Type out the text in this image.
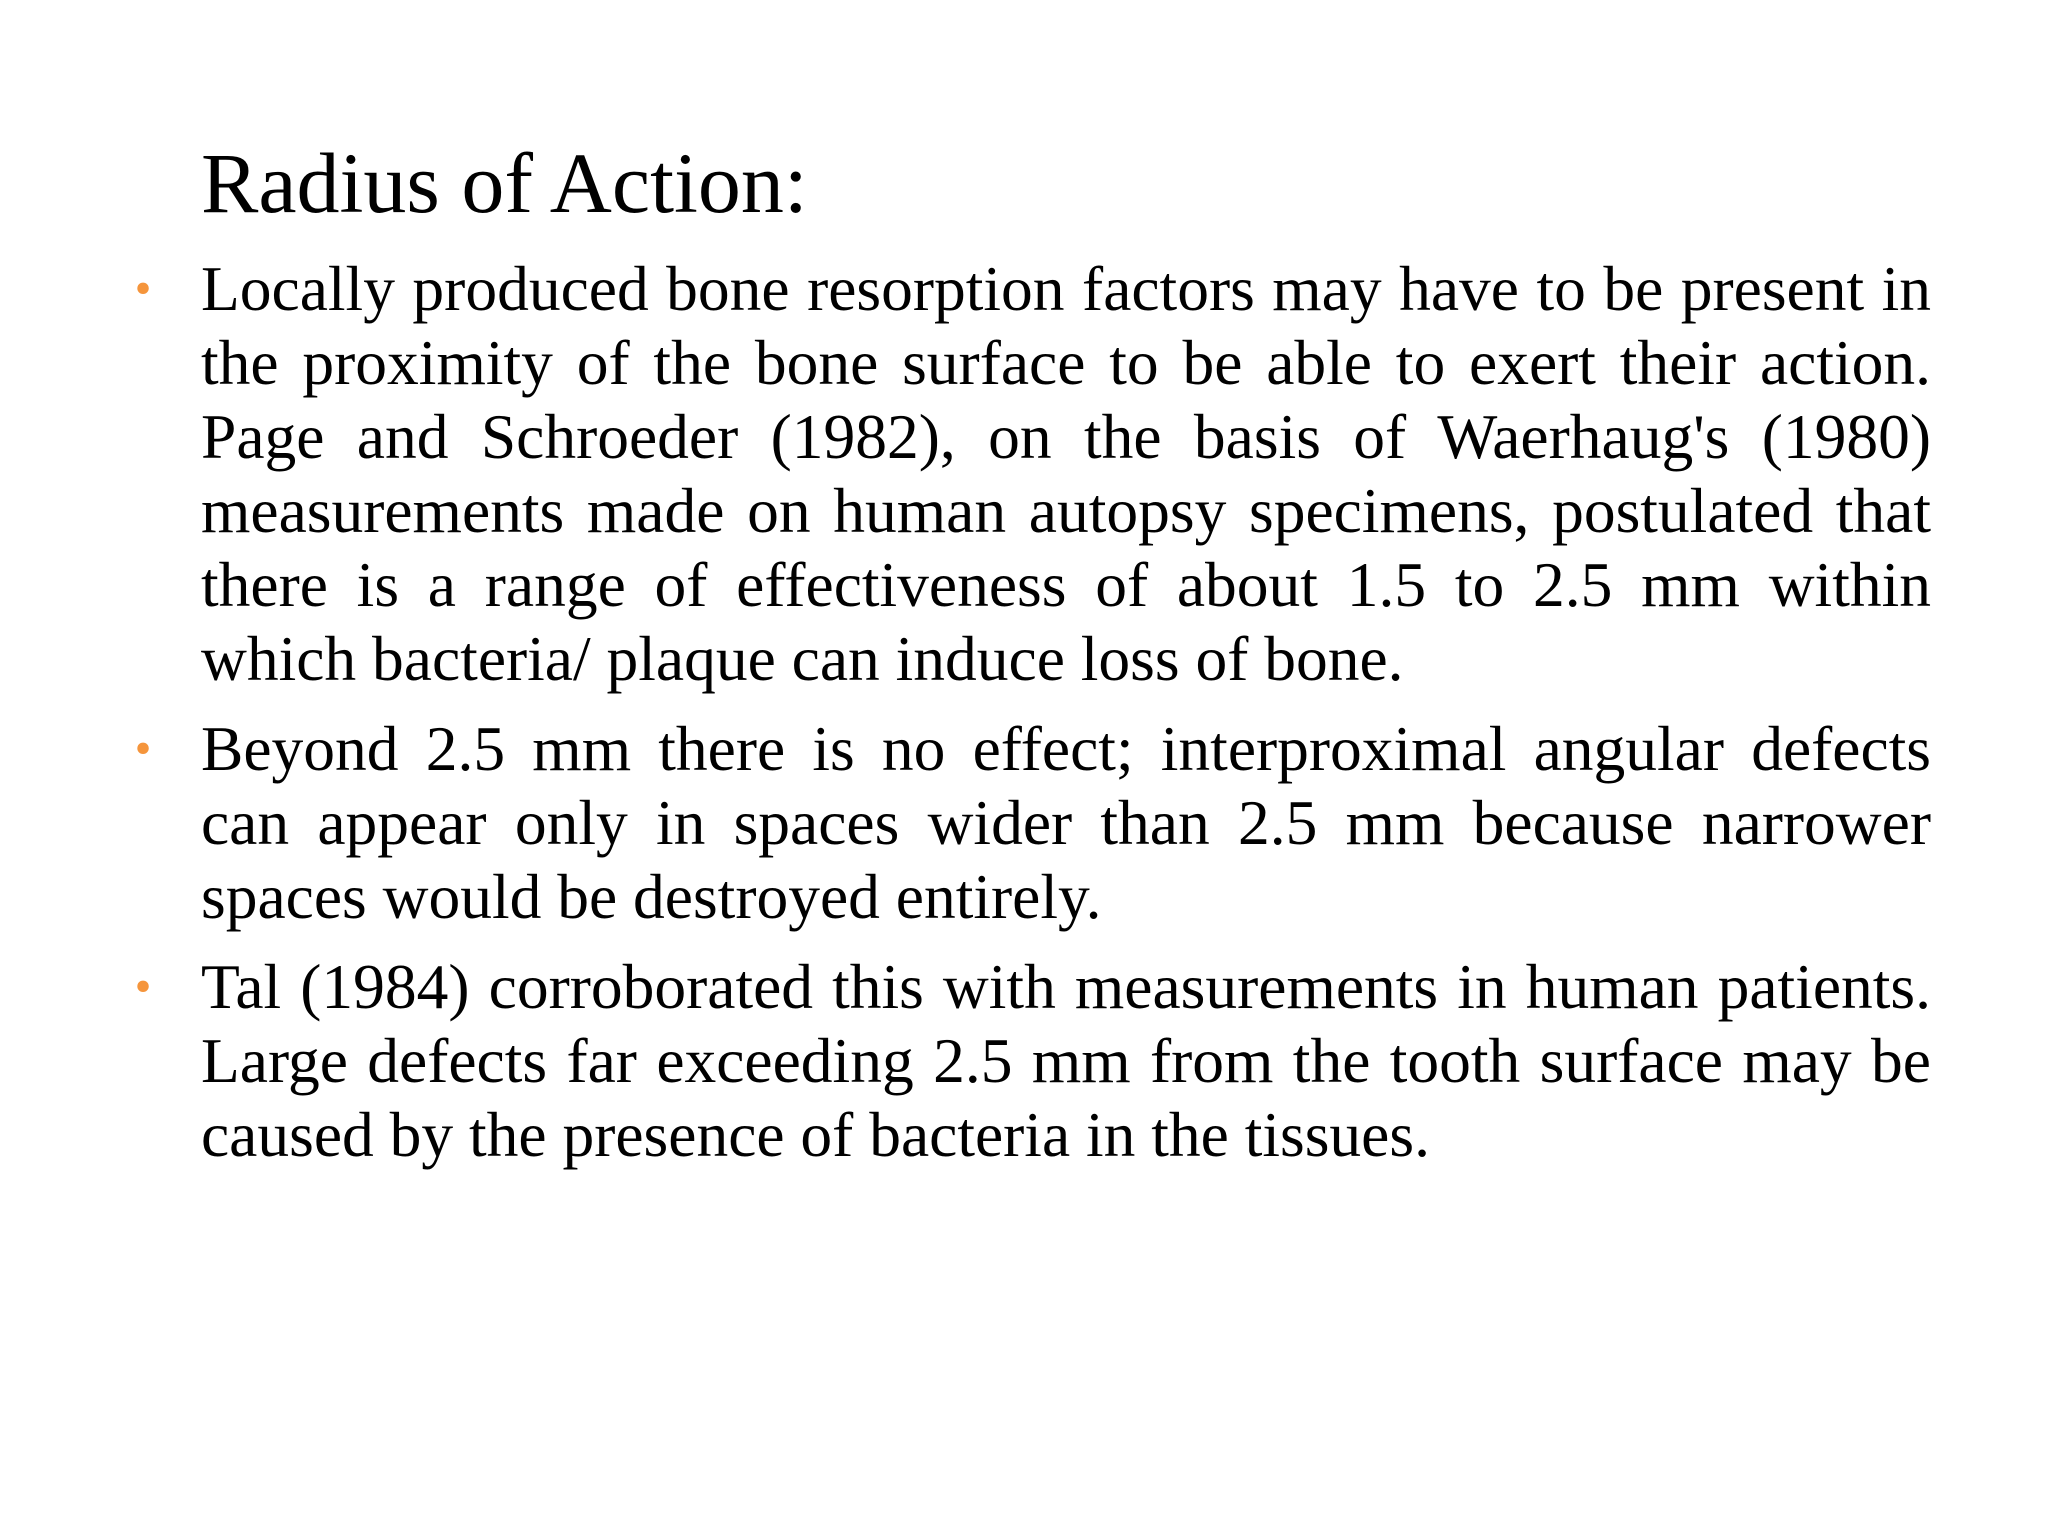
Radius of Action:
• Locally produced bone resorption factors may have to be present in the proximity of the bone surface to be able to exert their action. Page and Schroeder (1982), on the basis of Waerhaug's (1980) measurements made on human autopsy specimens, postulated that there is a range of effectiveness of about 1.5 to 2.5 mm within which bacteria/ plaque can induce loss of bone.
• Beyond 2.5 mm there is no effect; interproximal angular defects can appear only in spaces wider than 2.5 mm because narrower spaces would be destroyed entirely.
• Tal (1984) corroborated this with measurements in human patients. Large defects far exceeding 2.5 mm from the tooth surface may be caused by the presence of bacteria in the tissues.
